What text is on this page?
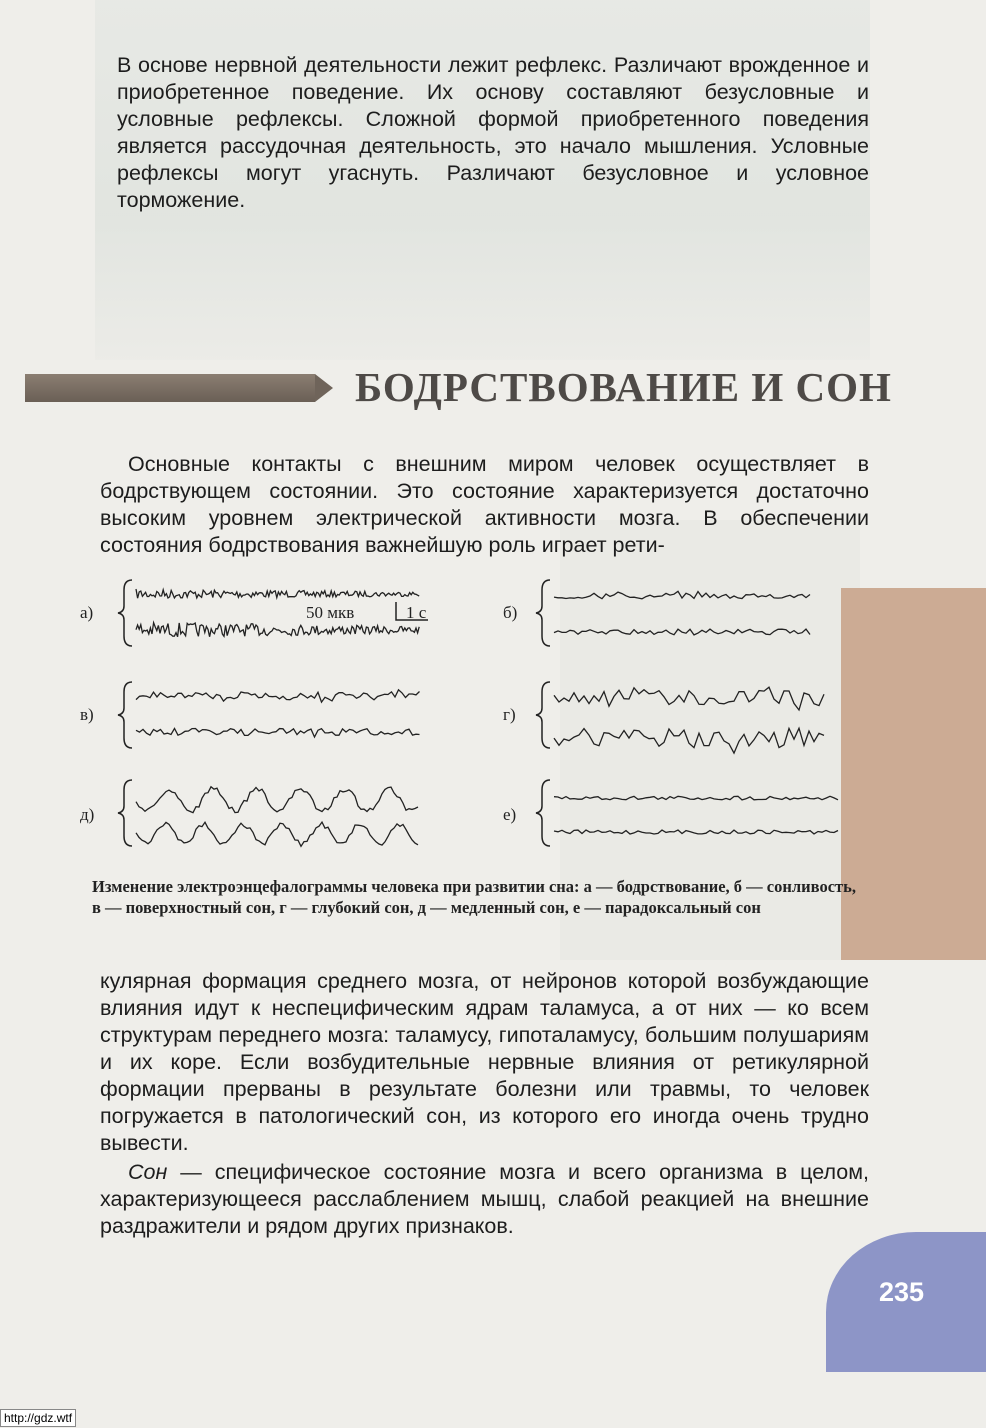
В основе нервной деятельности лежит рефлекс. Различают врожденное и приобретенное поведение. Их основу составляют безусловные и условные рефлексы. Сложной формой приобретенного поведения является рассудочная деятельность, это начало мышления. Условные рефлексы могут угаснуть. Различают безусловное и условное торможение.

БОДРСТВОВАНИЕ И СОН

Основные контакты с внешним миром человек осуществляет в бодрствующем состоянии. Это состояние характеризуется достаточно высоким уровнем электрической активности мозга. В обеспечении состояния бодрствования важнейшую роль играет рети-

а)	б)
в)	г)
д)	е)
50 мкв	1 с

Изменение электроэнцефалограммы человека при развитии сна: а — бодрствование, б — сонливость, в — поверхностный сон, г — глубокий сон, д — медленный сон, е — парадоксальный сон

кулярная формация среднего мозга, от нейронов которой возбуждающие влияния идут к неспецифическим ядрам таламуса, а от них — ко всем структурам переднего мозга: таламусу, гипоталамусу, большим полушариям и их коре. Если возбудительные нервные влияния от ретикулярной формации прерваны в результате болезни или травмы, то человек погружается в патологический сон, из которого его иногда очень трудно вывести.

Сон — специфическое состояние мозга и всего организма в целом, характеризующееся расслаблением мышц, слабой реакцией на внешние раздражители и рядом других признаков.

235

http://gdz.wtf
